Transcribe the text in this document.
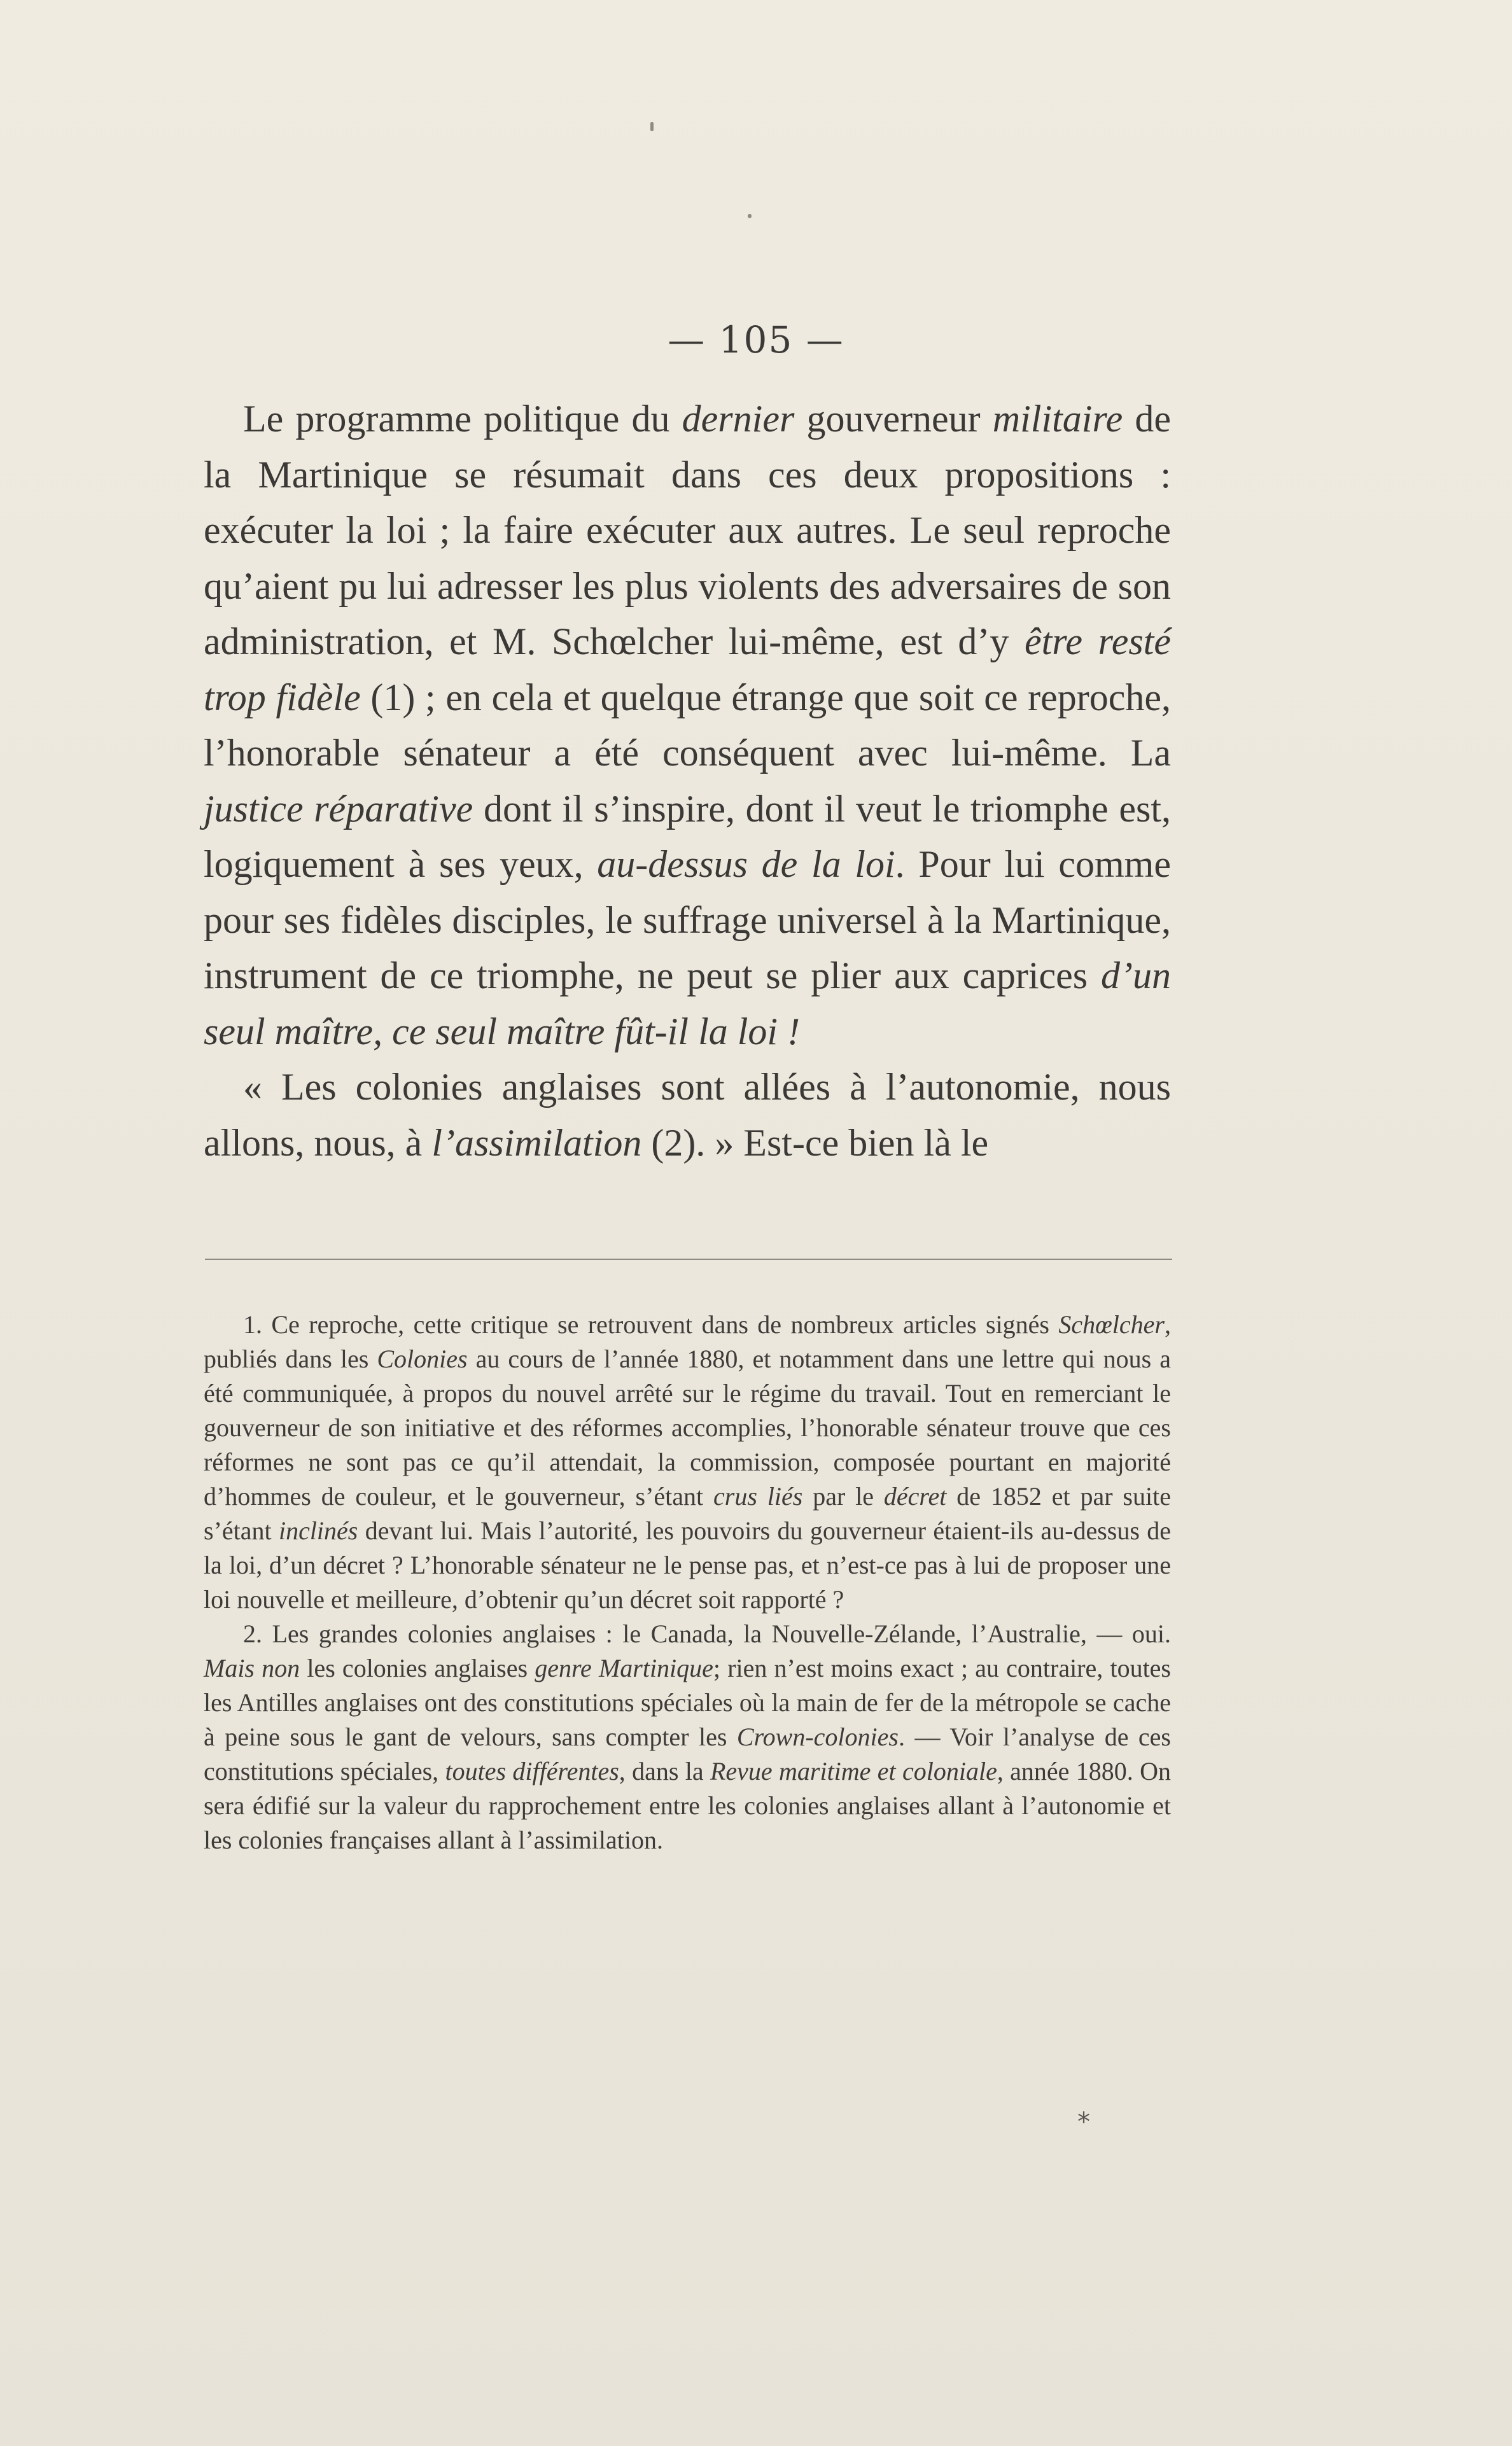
— 105 —

Le programme politique du dernier gouverneur militaire de la Martinique se résumait dans ces deux propositions : exécuter la loi ; la faire exécuter aux autres. Le seul reproche qu’aient pu lui adresser les plus violents des adversaires de son administration, et M. Schœlcher lui-même, est d’y être resté trop fidèle (1) ; en cela et quelque étrange que soit ce reproche, l’honorable sénateur a été conséquent avec lui-même. La justice réparative dont il s’inspire, dont il veut le triomphe est, logiquement à ses yeux, au-dessus de la loi. Pour lui comme pour ses fidèles disciples, le suffrage universel à la Martinique, instrument de ce triomphe, ne peut se plier aux caprices d’un seul maître, ce seul maître fût-il la loi !

« Les colonies anglaises sont allées à l’autonomie, nous allons, nous, à l’assimilation (2). » Est-ce bien là le

1. Ce reproche, cette critique se retrouvent dans de nombreux articles signés Schœlcher, publiés dans les Colonies au cours de l’année 1880, et notamment dans une lettre qui nous a été communiquée, à propos du nouvel arrêté sur le régime du travail. Tout en remerciant le gouverneur de son initiative et des réformes accomplies, l’honorable sénateur trouve que ces réformes ne sont pas ce qu’il attendait, la commission, composée pourtant en majorité d’hommes de couleur, et le gouverneur, s’étant crus liés par le décret de 1852 et par suite s’étant inclinés devant lui. Mais l’autorité, les pouvoirs du gouverneur étaient-ils au-dessus de la loi, d’un décret ? L’honorable sénateur ne le pense pas, et n’est-ce pas à lui de proposer une loi nouvelle et meilleure, d’obtenir qu’un décret soit rapporté ?

2. Les grandes colonies anglaises : le Canada, la Nouvelle-Zélande, l’Australie, — oui. Mais non les colonies anglaises genre Martinique; rien n’est moins exact ; au contraire, toutes les Antilles anglaises ont des constitutions spéciales où la main de fer de la métropole se cache à peine sous le gant de velours, sans compter les Crown-colonies. — Voir l’analyse de ces constitutions spéciales, toutes différentes, dans la Revue maritime et coloniale, année 1880. On sera édifié sur la valeur du rapprochement entre les colonies anglaises allant à l’autonomie et les colonies françaises allant à l’assimilation.

*
